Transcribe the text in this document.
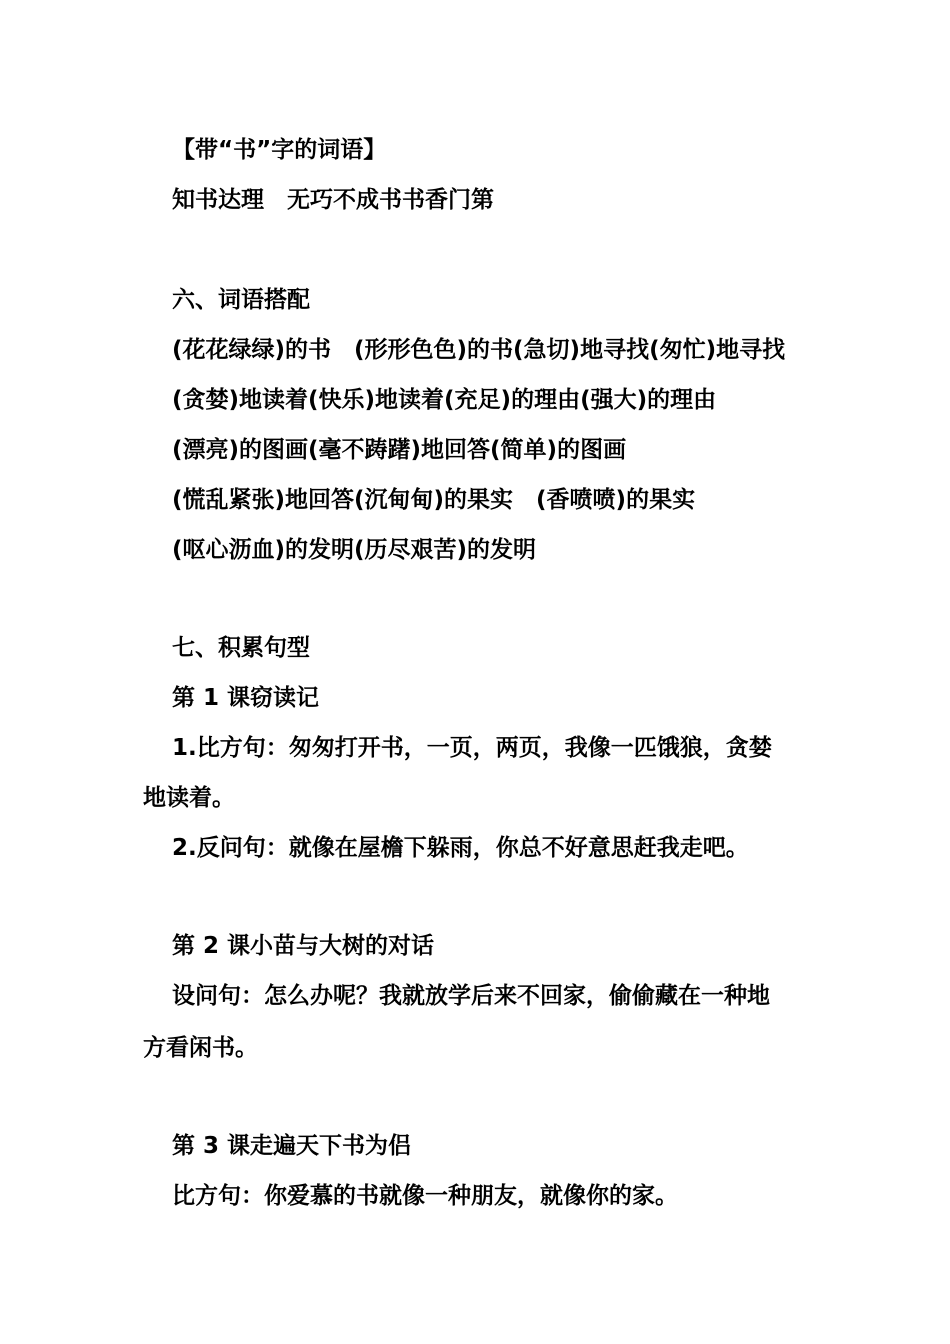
【带“书”字的词语】

知书达理　无巧不成书书香门第

六、词语搭配

(花花绿绿)的书　(形形色色)的书(急切)地寻找(匆忙)地寻找

(贪婪)地读着(快乐)地读着(充足)的理由(强大)的理由

(漂亮)的图画(毫不踌躇)地回答(简单)的图画

(慌乱紧张)地回答(沉甸甸)的果实　(香喷喷)的果实

(呕心沥血)的发明(历尽艰苦)的发明

七、积累句型

第 1 课窃读记

1.比方句：匆匆打开书，一页，两页，我像一匹饿狼，贪婪

地读着。

2.反问句：就像在屋檐下躲雨，你总不好意思赶我走吧。

第 2 课小苗与大树的对话

设问句：怎么办呢？我就放学后来不回家，偷偷藏在一种地

方看闲书。

第 3 课走遍天下书为侣

比方句：你爱慕的书就像一种朋友，就像你的家。
